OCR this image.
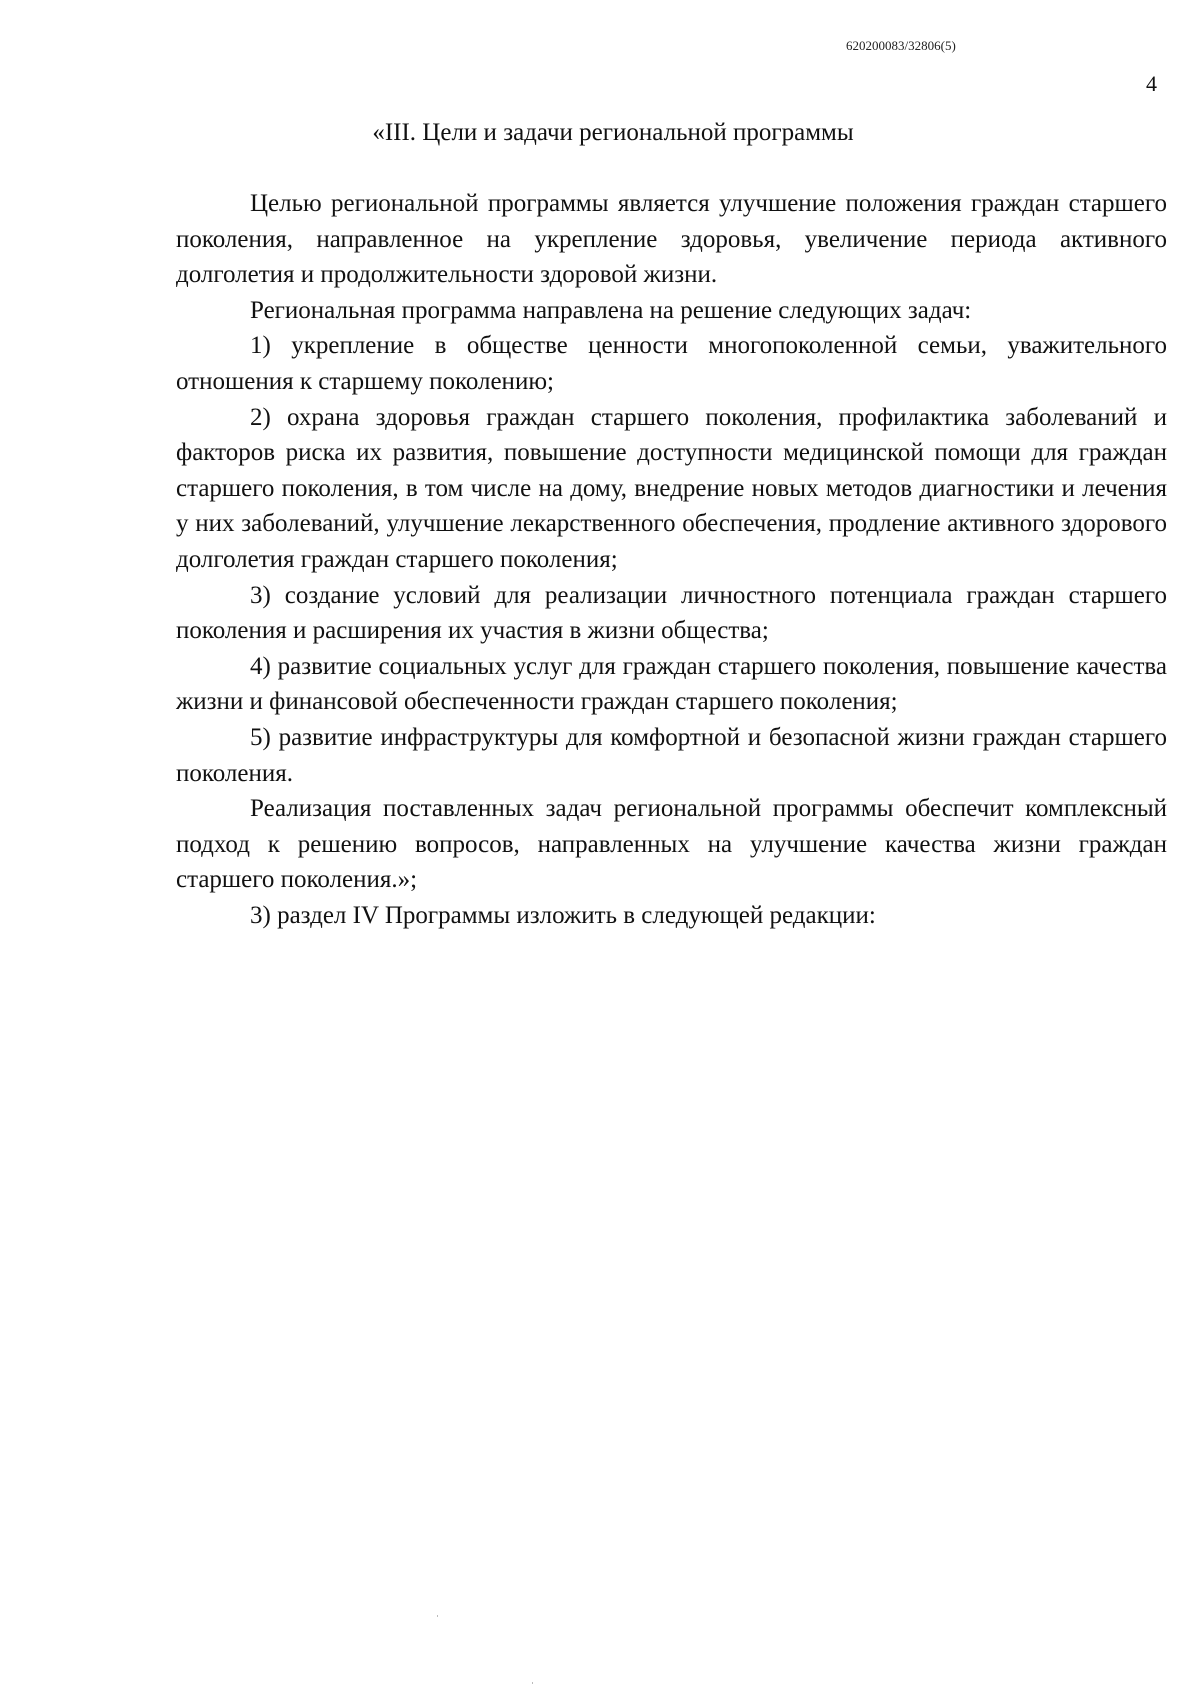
620200083/32806(5)
4
«III. Цели и задачи региональной программы

Целью региональной программы является улучшение положения граждан старшего поколения, направленное на укрепление здоровья, увеличение периода активного долголетия и продолжительности здоровой жизни.

Региональная программа направлена на решение следующих задач:

1) укрепление в обществе ценности многопоколенной семьи, уважительного отношения к старшему поколению;

2) охрана здоровья граждан старшего поколения, профилактика заболеваний и факторов риска их развития, повышение доступности медицинской помощи для граждан старшего поколения, в том числе на дому, внедрение новых методов диагностики и лечения у них заболеваний, улучшение лекарственного обеспечения, продление активного здорового долголетия граждан старшего поколения;

3) создание условий для реализации личностного потенциала граждан старшего поколения и расширения их участия в жизни общества;

4) развитие социальных услуг для граждан старшего поколения, повышение качества жизни и финансовой обеспеченности граждан старшего поколения;

5) развитие инфраструктуры для комфортной и безопасной жизни граждан старшего поколения.

Реализация поставленных задач региональной программы обеспечит комплексный подход к решению вопросов, направленных на улучшение качества жизни граждан старшего поколения.»;

3) раздел IV Программы изложить в следующей редакции:
